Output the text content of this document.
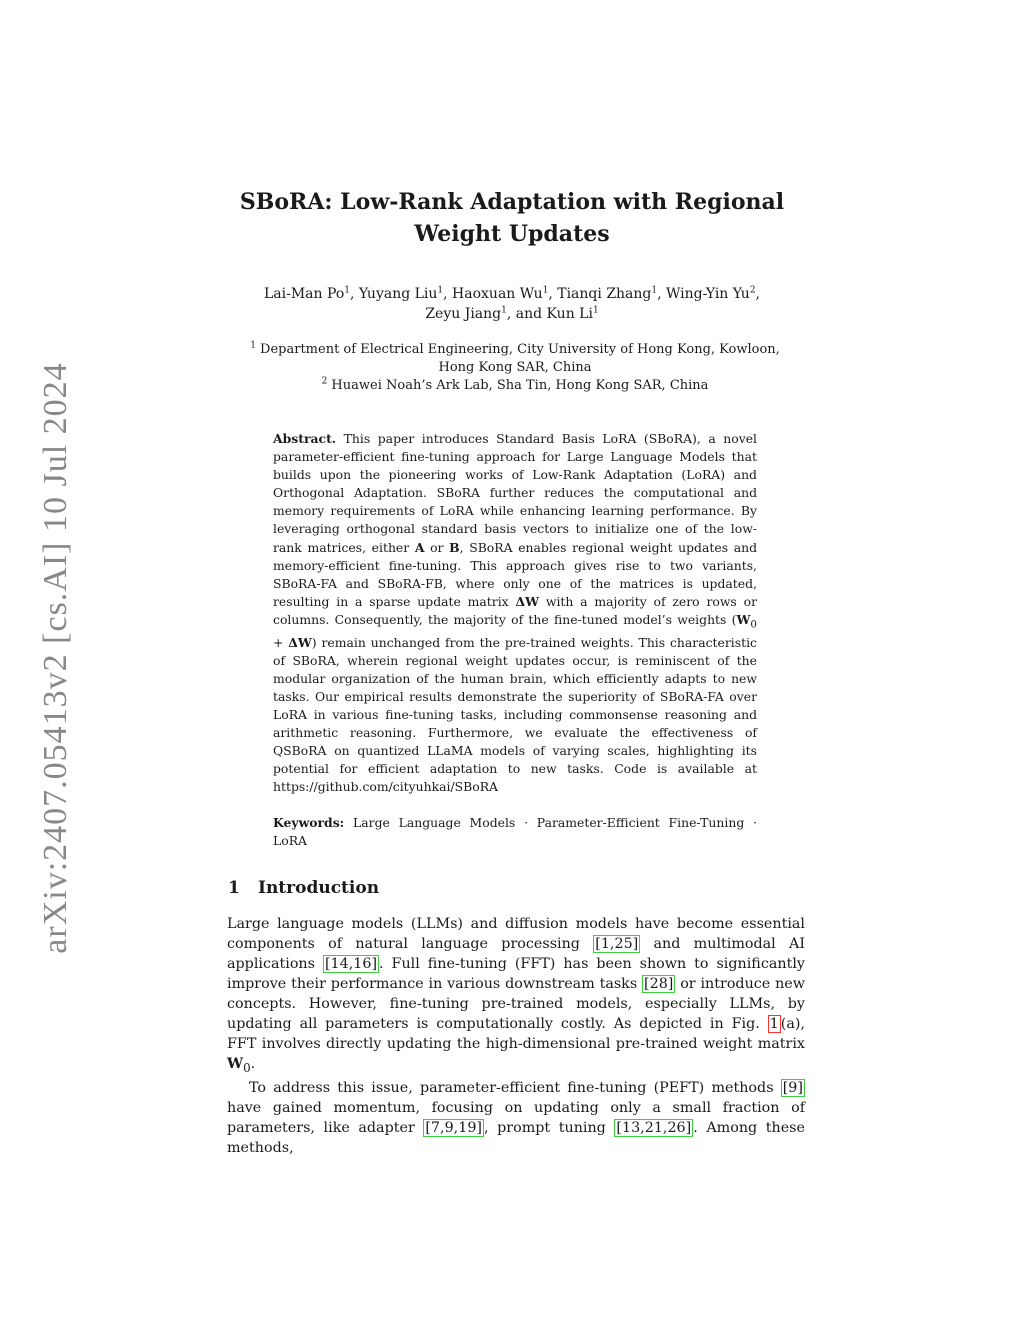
arXiv:2407.05413v2 [cs.AI] 10 Jul 2024
SBoRA: Low-Rank Adaptation with Regional
Weight Updates
Lai-Man Po$^1$, Yuyang Liu$^1$, Haoxuan Wu$^1$, Tianqi Zhang$^1$, Wing-Yin Yu$^2$,
Zeyu Jiang$^1$, and Kun Li$^1$
$^1$ Department of Electrical Engineering, City University of Hong Kong, Kowloon,
Hong Kong SAR, China
$^2$ Huawei Noah’s Ark Lab, Sha Tin, Hong Kong SAR, China

Abstract. This paper introduces Standard Basis LoRA (SBoRA), a novel parameter-efficient fine-tuning approach for Large Language Models that builds upon the pioneering works of Low-Rank Adaptation (LoRA) and Orthogonal Adaptation. SBoRA further reduces the computational and memory requirements of LoRA while enhancing learning performance. By leveraging orthogonal standard basis vectors to initialize one of the low-rank matrices, either A or B, SBoRA enables regional weight updates and memory-efficient fine-tuning. This approach gives rise to two variants, SBoRA-FA and SBoRA-FB, where only one of the matrices is updated, resulting in a sparse update matrix ΔW with a majority of zero rows or columns. Consequently, the majority of the fine-tuned model’s weights $(W_0 + \Delta W)$ remain unchanged from the pre-trained weights. This characteristic of SBoRA, wherein regional weight updates occur, is reminiscent of the modular organization of the human brain, which efficiently adapts to new tasks. Our empirical results demonstrate the superiority of SBoRA-FA over LoRA in various fine-tuning tasks, including commonsense reasoning and arithmetic reasoning. Furthermore, we evaluate the effectiveness of QSBoRA on quantized LLaMA models of varying scales, highlighting its potential for efficient adaptation to new tasks. Code is available at https://github.com/cityuhkai/SBoRA

Keywords: Large Language Models · Parameter-Efficient Fine-Tuning · LoRA

1 Introduction

Large language models (LLMs) and diffusion models have become essential components of natural language processing [1,25] and multimodal AI applications [14,16] . Full fine-tuning (FFT) has been shown to significantly improve their performance in various downstream tasks [28] or introduce new concepts. However, fine-tuning pre-trained models, especially LLMs, by updating all parameters is computationally costly. As depicted in Fig. 1 (a), FFT involves directly updating the high-dimensional pre-trained weight matrix $W_0$.

To address this issue, parameter-efficient fine-tuning (PEFT) methods [9] have gained momentum, focusing on updating only a small fraction of parameters, like adapter [7,9,19] , prompt tuning [13,21,26] . Among these methods,
